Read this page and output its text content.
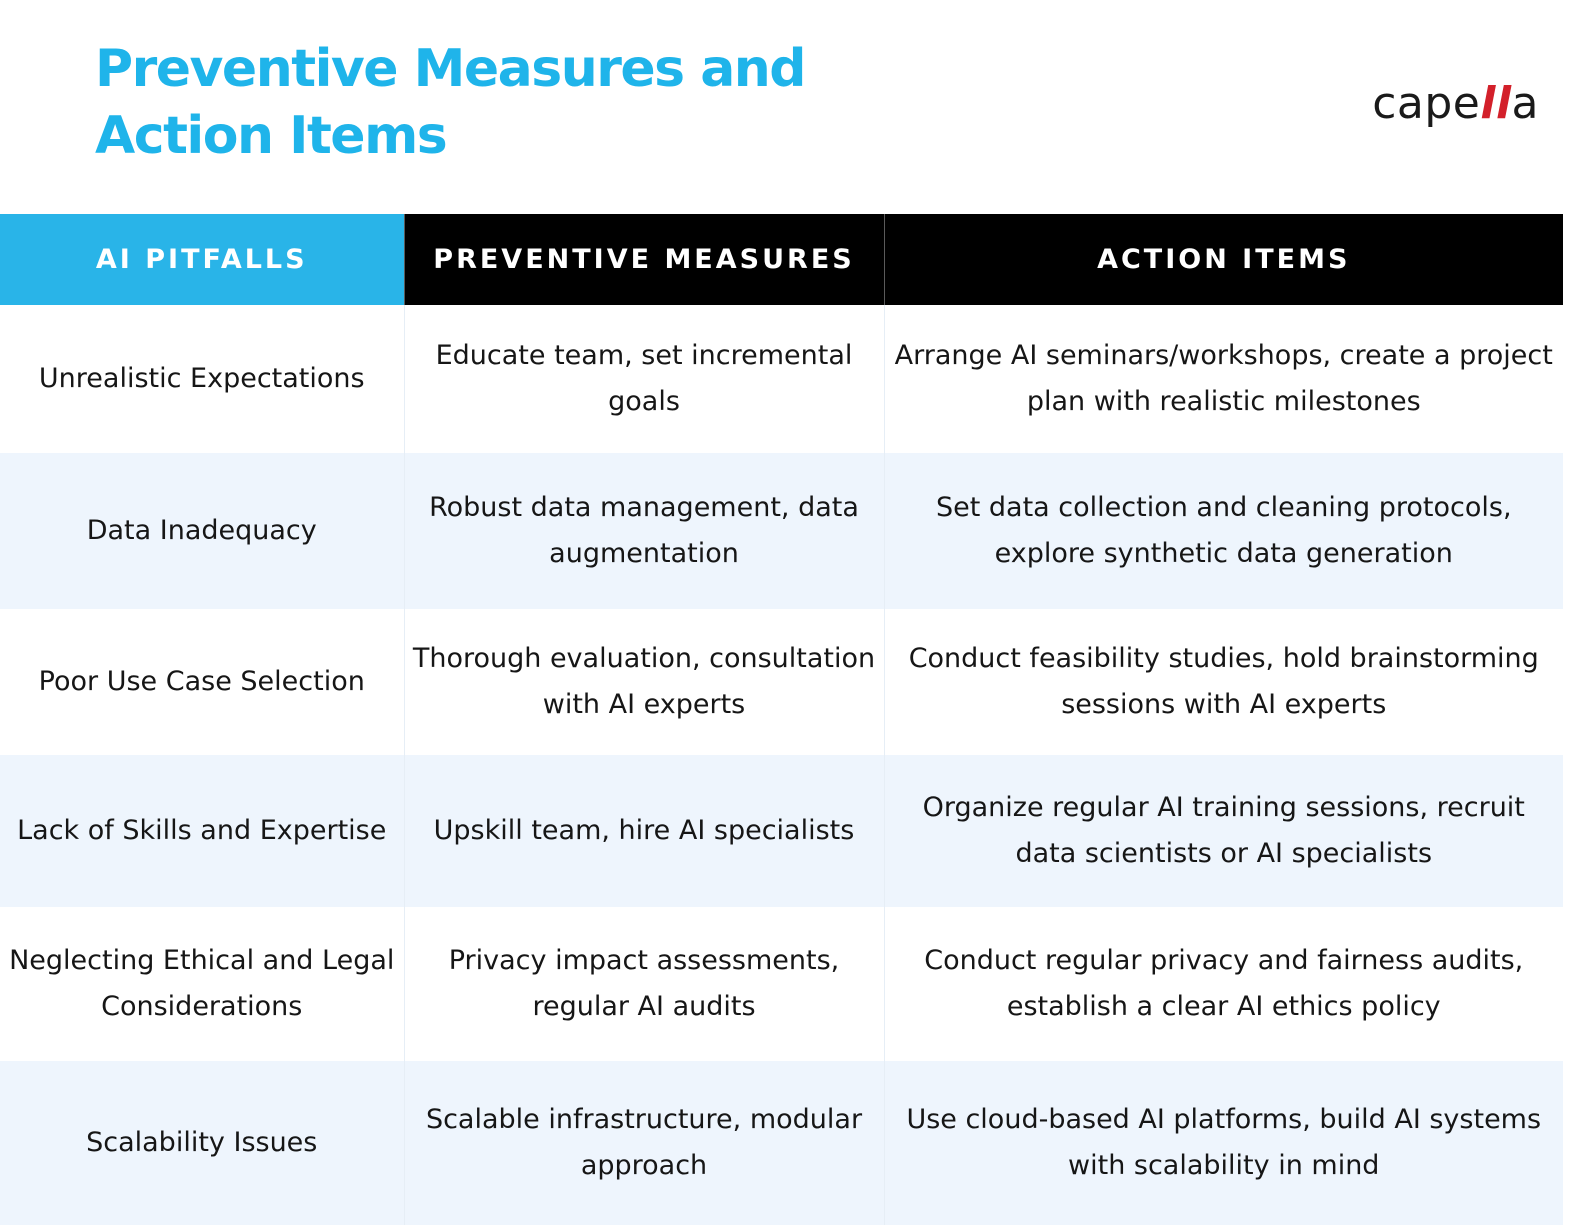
Preventive Measures and
Action Items
capella
AI PITFALLS	PREVENTIVE MEASURES	ACTION ITEMS
Unrealistic Expectations	Educate team, set incremental goals	Arrange AI seminars/workshops, create a project plan with realistic milestones
Data Inadequacy	Robust data management, data augmentation	Set data collection and cleaning protocols, explore synthetic data generation
Poor Use Case Selection	Thorough evaluation, consultation with AI experts	Conduct feasibility studies, hold brainstorming sessions with AI experts
Lack of Skills and Expertise	Upskill team, hire AI specialists	Organize regular AI training sessions, recruit data scientists or AI specialists
Neglecting Ethical and Legal Considerations	Privacy impact assessments, regular AI audits	Conduct regular privacy and fairness audits, establish a clear AI ethics policy
Scalability Issues	Scalable infrastructure, modular approach	Use cloud-based AI platforms, build AI systems with scalability in mind
